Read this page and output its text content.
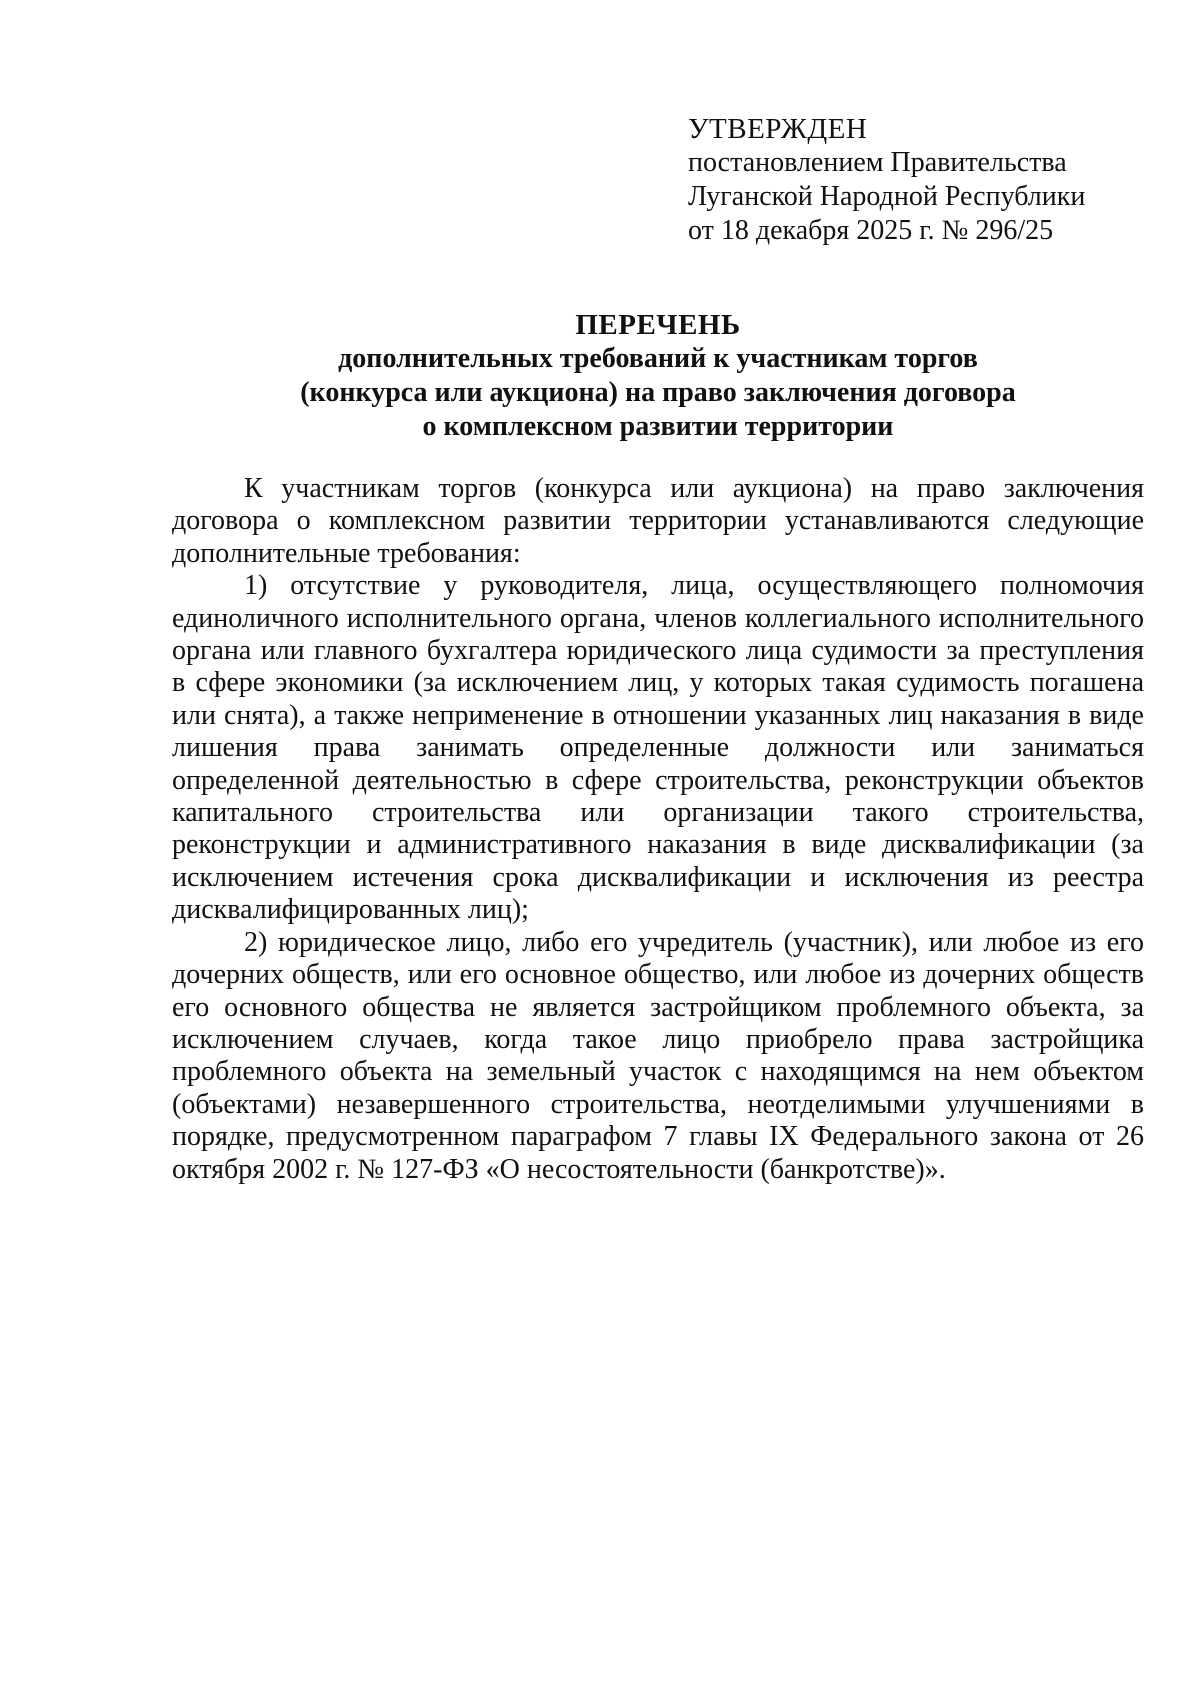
УТВЕРЖДЕН
постановлением Правительства
Луганской Народной Республики
от 18 декабря 2025 г. № 296/25
ПЕРЕЧЕНЬ
дополнительных требований к участникам торгов
(конкурса или аукциона) на право заключения договора
о комплексном развитии территории

К участникам торгов (конкурса или аукциона) на право заключения договора о комплексном развитии территории устанавливаются следующие дополнительные требования:

1) отсутствие у руководителя, лица, осуществляющего полномочия единоличного исполнительного органа, членов коллегиального исполнительного органа или главного бухгалтера юридического лица судимости за преступления в сфере экономики (за исключением лиц, у которых такая судимость погашена или снята), а также неприменение в отношении указанных лиц наказания в виде лишения права занимать определенные должности или заниматься определенной деятельностью в сфере строительства, реконструкции объектов капитального строительства или организации такого строительства, реконструкции и административного наказания в виде дисквалификации (за исключением истечения срока дисквалификации и исключения из реестра дисквалифицированных лиц);

2) юридическое лицо, либо его учредитель (участник), или любое из его дочерних обществ, или его основное общество, или любое из дочерних обществ его основного общества не является застройщиком проблемного объекта, за исключением случаев, когда такое лицо приобрело права застройщика проблемного объекта на земельный участок с находящимся на нем объектом (объектами) незавершенного строительства, неотделимыми улучшениями в порядке, предусмотренном параграфом 7 главы IX Федерального закона от 26 октября 2002 г. № 127-ФЗ «О несостоятельности (банкротстве)».
